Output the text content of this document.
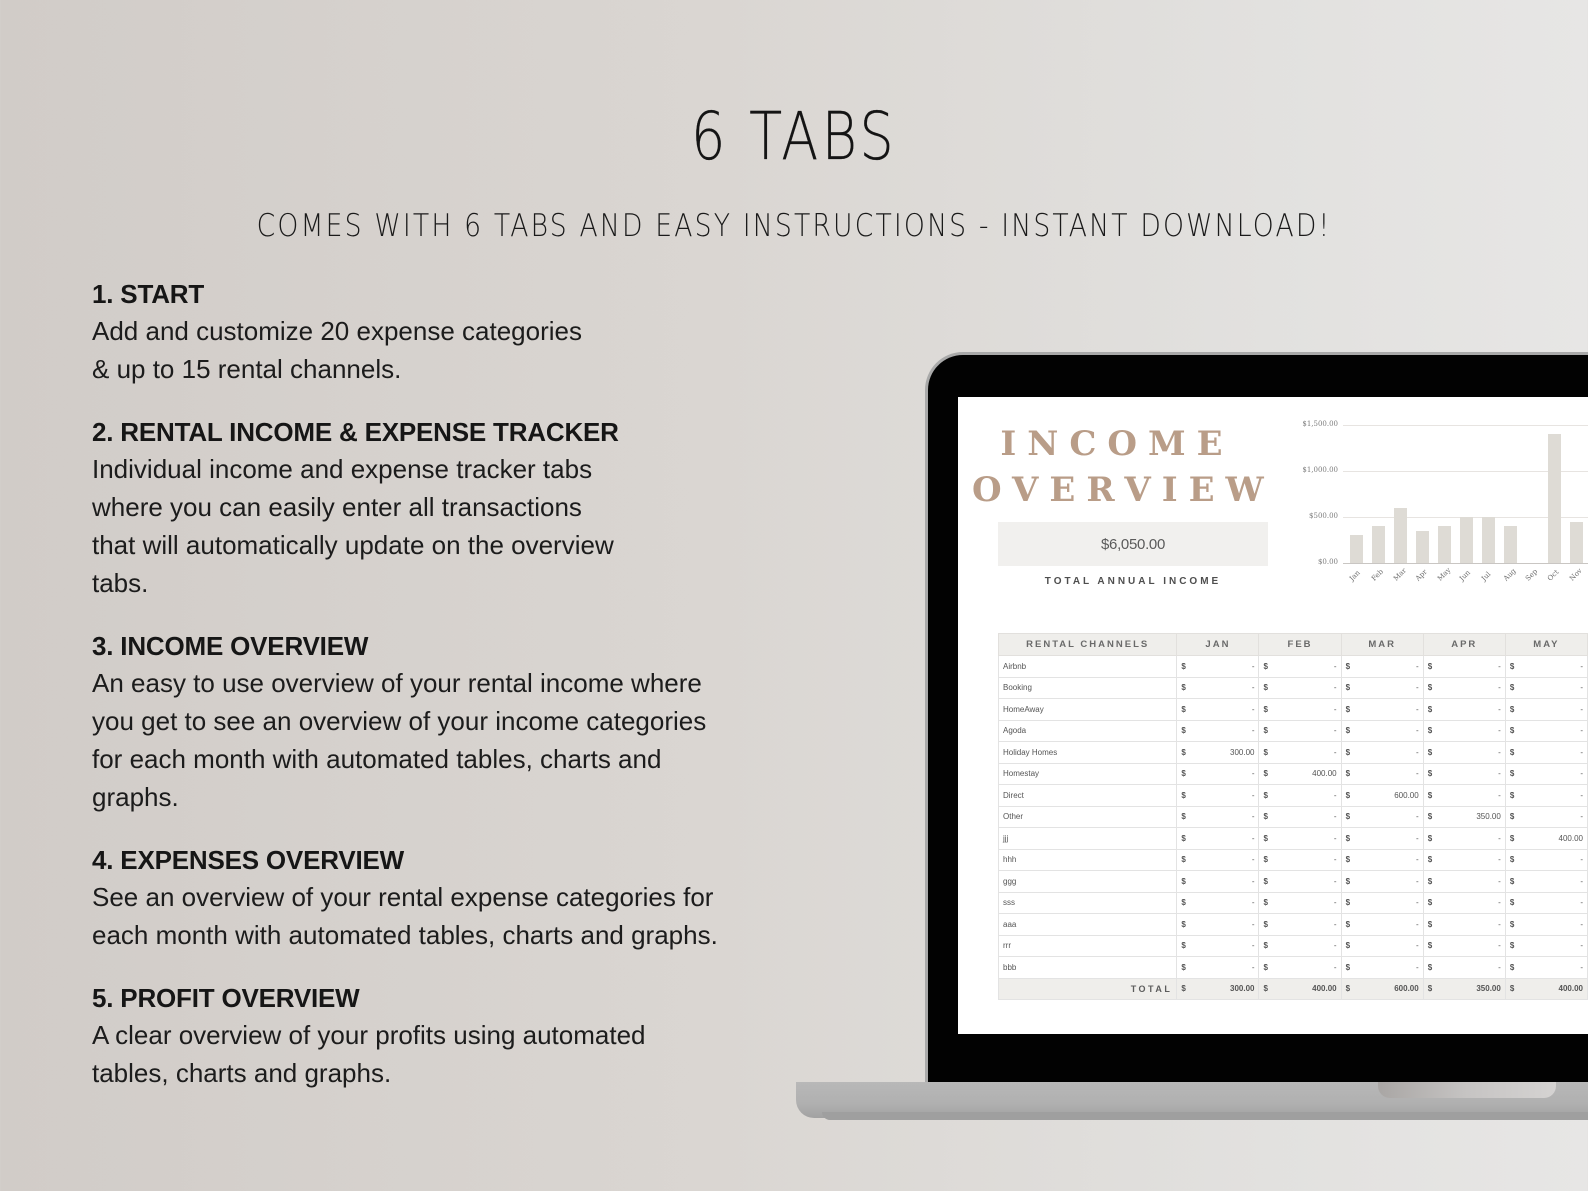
6 TABS
COMES WITH 6 TABS AND EASY INSTRUCTIONS - INSTANT DOWNLOAD!
1. START

Add and customize 20 expense categories
& up to 15 rental channels.

2. RENTAL INCOME & EXPENSE TRACKER

Individual income and expense tracker tabs
where you can easily enter all transactions
that will automatically update on the overview
tabs.

3. INCOME OVERVIEW

An easy to use overview of your rental income where
you get to see an overview of your income categories
for each month with automated tables, charts and
graphs.

4. EXPENSES OVERVIEW

See an overview of your rental expense categories for
each month with automated tables, charts and graphs.

5. PROFIT OVERVIEW

A clear overview of your profits using automated
tables, charts and graphs.

INCOME
OVERVIEW
$6,050.00
TOTAL ANNUAL INCOME
$0.00
$500.00
$1,000.00
$1,500.00
Jan	Feb	Mar Apr	May Jun	Jul	Aug Sep Oct	Nov
RENTAL CHANNELS	JAN		FEB		MAR		APR		MAY	
Airbnb	$	-	$	-	$	-	$	-	$	-
Booking	$	-	$	-	$	-	$	-	$	-
HomeAway	$	-	$	-	$	-	$	-	$	-
Agoda	$	-	$	-	$	-	$	-	$	-
Holiday Homes	$	300.00	$	-	$	-	$	-	$	-
Homestay	$	-	$	400.00	$	-	$	-	$	-
Direct	$	-	$	-	$	600.00	$	-	$	-
Other	$	-	$	-	$	-	$	350.00	$	-
jjj	$	-	$	-	$	-	$	-	$	400.00
hhh	$	-	$	-	$	-	$	-	$	-
ggg	$	-	$	-	$	-	$	-	$	-
sss	$	-	$	-	$	-	$	-	$	-
aaa	$	-	$	-	$	-	$	-	$	-
rrr	$	-	$	-	$	-	$	-	$	-
bbb	$	-	$	-	$	-	$	-	$	-
TOTAL	$	300.00	$	400.00	$	600.00	$	350.00	$	400.00
